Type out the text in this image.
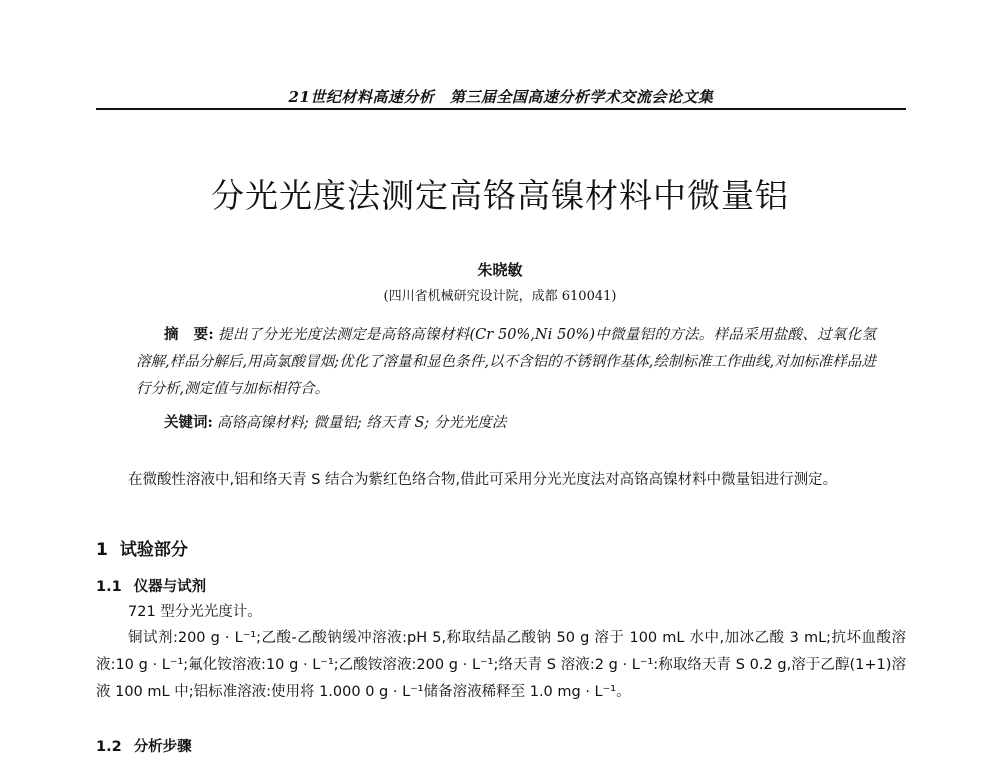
21世纪材料高速分析　第三届全国高速分析学术交流会论文集
分光光度法测定高铬高镍材料中微量铝
朱晓敏
(四川省机械研究设计院，成都 610041)
摘　要: 提出了分光光度法测定是高铬高镍材料(Cr 50%,Ni 50%)中微量铝的方法。样品采用盐酸、过氧化氢溶解,样品分解后,用高氯酸冒烟;优化了溶量和显色条件,以不含铝的不锈钢作基体,绘制标准工作曲线,对加标准样品进行分析,测定值与加标相符合。
关键词: 高铬高镍材料; 微量铝; 络天青 S; 分光光度法
在微酸性溶液中,铝和络天青 S 结合为紫红色络合物,借此可采用分光光度法对高铬高镍材料中微量铝进行测定。
1 试验部分
1.1 仪器与试剂
721 型分光光度计。
铜试剂:200 g · L⁻¹;乙酸-乙酸钠缓冲溶液:pH 5,称取结晶乙酸钠 50 g 溶于 100 mL 水中,加冰乙酸 3 mL;抗坏血酸溶液:10 g · L⁻¹;氟化铵溶液:10 g · L⁻¹;乙酸铵溶液:200 g · L⁻¹;络天青 S 溶液:2 g · L⁻¹:称取络天青 S 0.2 g,溶于乙醇(1+1)溶液 100 mL 中;铝标准溶液:使用将 1.000 0 g · L⁻¹储备溶液稀释至 1.0 mg · L⁻¹。
1.2 分析步骤
